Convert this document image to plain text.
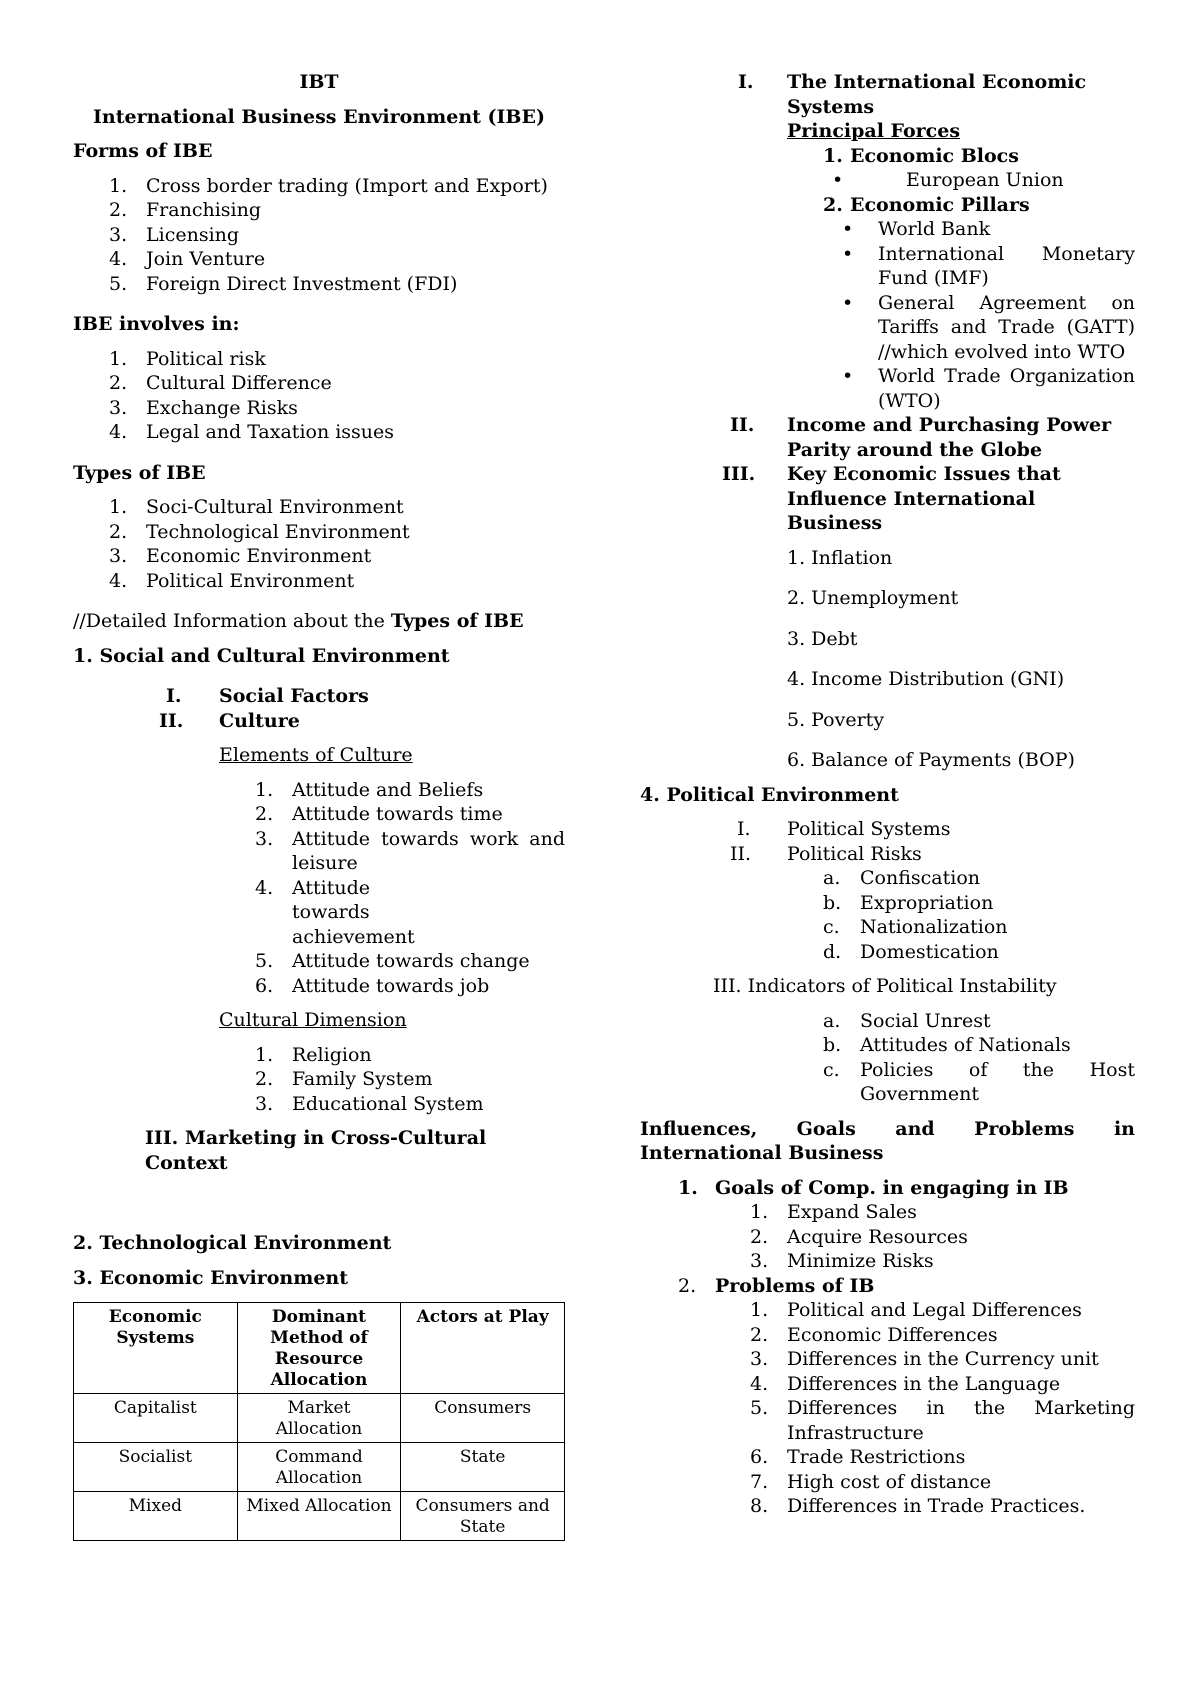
IBT

International Business Environment (IBE)

Forms of IBE

1. Cross border trading (Import and Export)
2. Franchising
3. Licensing
4. Join Venture
5. Foreign Direct Investment (FDI)

IBE involves in:

1. Political risk
2. Cultural Difference
3. Exchange Risks
4. Legal and Taxation issues

Types of IBE

1. Soci-Cultural Environment
2. Technological Environment
3. Economic Environment
4. Political Environment

//Detailed Information about the Types of IBE

1. Social and Cultural Environment

I. Social Factors
II. Culture

Elements of Culture

1. Attitude and Beliefs
2. Attitude towards time
3. Attitude towards work and leisure
4. Attitude towards achievement
5. Attitude towards change
6. Attitude towards job

Cultural Dimension

1. Religion
2. Family System
3. Educational System

III. Marketing in Cross-Cultural Context

2. Technological Environment

3. Economic Environment

Economic Systems	Dominant Method of Resource Allocation	Actors at Play
Capitalist	Market Allocation	Consumers
Socialist	Command Allocation	State
Mixed	Mixed Allocation	Consumers and State
I. The International Economic Systems

Principal Forces

1. Economic Blocs
•	European Union
2. Economic Pillars
• World Bank
• International Monetary Fund (IMF)
• General Agreement on Tariffs and Trade (GATT) //which evolved into WTO
• World Trade Organization (WTO)
II. Income and Purchasing Power Parity around the Globe
III. Key Economic Issues that Influence International Business

1. Inflation

2. Unemployment

3. Debt

4. Income Distribution (GNI)

5. Poverty

6. Balance of Payments (BOP)

4. Political Environment

I. Political Systems
II. Political Risks
a. Confiscation
b. Expropriation
c. Nationalization
d. Domestication

III. Indicators of Political Instability

a. Social Unrest
b. Attitudes of Nationals
c. Policies of the Host Government

Influences, Goals and Problems in International Business

1. Goals of Comp. in engaging in IB
1. Expand Sales
2. Acquire Resources
3. Minimize Risks
2. Problems of IB
1. Political and Legal Differences
2. Economic Differences
3. Differences in the Currency unit
4. Differences in the Language
5. Differences in the Marketing Infrastructure
6. Trade Restrictions
7. High cost of distance
8. Differences in Trade Practices.
